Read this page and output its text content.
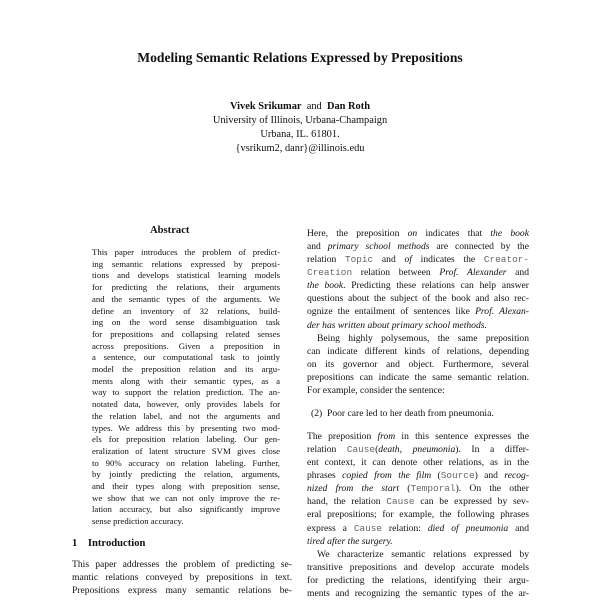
Modeling Semantic Relations Expressed by Prepositions
Vivek Srikumar and Dan Roth
University of Illinois, Urbana-Champaign
Urbana, IL. 61801.
{vsrikum2, danr}@illinois.edu
Abstract
This paper introduces the problem of predict-
ing semantic relations expressed by preposi-
tions and develops statistical learning models
for predicting the relations, their arguments
and the semantic types of the arguments. We
define an inventory of 32 relations, build-
ing on the word sense disambiguation task
for prepositions and collapsing related senses
across prepositions. Given a preposition in
a sentence, our computational task to jointly
model the preposition relation and its argu-
ments along with their semantic types, as a
way to support the relation prediction. The an-
notated data, however, only provides labels for
the relation label, and not the arguments and
types. We address this by presenting two mod-
els for preposition relation labeling. Our gen-
eralization of latent structure SVM gives close
to 90% accuracy on relation labeling. Further,
by jointly predicting the relation, arguments,
and their types along with preposition sense,
we show that we can not only improve the re-
lation accuracy, but also significantly improve
sense prediction accuracy.
1 Introduction
This paper addresses the problem of predicting se-
mantic relations conveyed by prepositions in text.
Prepositions express many semantic relations be-
Here, the preposition on indicates that the book
and primary school methods are connected by the
relation Topic and of indicates the Creator-
Creation relation between Prof. Alexander and
the book. Predicting these relations can help answer
questions about the subject of the book and also rec-
ognize the entailment of sentences like Prof. Alexan-
der has written about primary school methods.
Being highly polysemous, the same preposition
can indicate different kinds of relations, depending
on its governor and object. Furthermore, several
prepositions can indicate the same semantic relation.
For example, consider the sentence:
(2) Poor care led to her death from pneumonia.
The preposition from in this sentence expresses the
relation Cause(death, pneumonia). In a differ-
ent context, it can denote other relations, as in the
phrases copied from the film (Source) and recog-
nized from the start (Temporal). On the other
hand, the relation Cause can be expressed by sev-
eral prepositions; for example, the following phrases
express a Cause relation: died of pneumonia and
tired after the surgery.
We characterize semantic relations expressed by
transitive prepositions and develop accurate models
for predicting the relations, identifying their argu-
ments and recognizing the semantic types of the ar-
